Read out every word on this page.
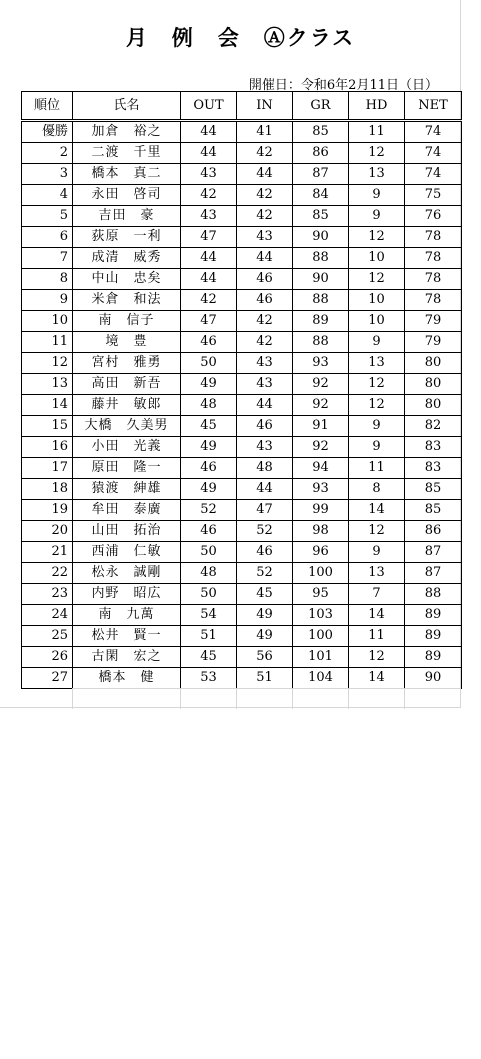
月　例　会　Ⓐクラス
開催日：令和6年2月11日（日）
順位	氏名	OUT	IN	GR	HD	NET
優勝	加倉　裕之	44	41	85	11	74
2	二渡　千里	44	42	86	12	74
3	橋本　真二	43	44	87	13	74
4	永田　啓司	42	42	84	9	75
5	吉田　豪	43	42	85	9	76
6	荻原　一利	47	43	90	12	78
7	成清　威秀	44	44	88	10	78
8	中山　忠矣	44	46	90	12	78
9	米倉　和法	42	46	88	10	78
10	南　信子	47	42	89	10	79
11	境　豊	46	42	88	9	79
12	宮村　雅勇	50	43	93	13	80
13	高田　新吾	49	43	92	12	80
14	藤井　敏郎	48	44	92	12	80
15	大橋　久美男	45	46	91	9	82
16	小田　光義	49	43	92	9	83
17	原田　隆一	46	48	94	11	83
18	猿渡　紳雄	49	44	93	8	85
19	牟田　泰廣	52	47	99	14	85
20	山田　拓治	46	52	98	12	86
21	西浦　仁敏	50	46	96	9	87
22	松永　誠剛	48	52	100	13	87
23	内野　昭広	50	45	95	7	88
24	南　九萬	54	49	103	14	89
25	松井　賢一	51	49	100	11	89
26	古閑　宏之	45	56	101	12	89
27	橋本　健	53	51	104	14	90
